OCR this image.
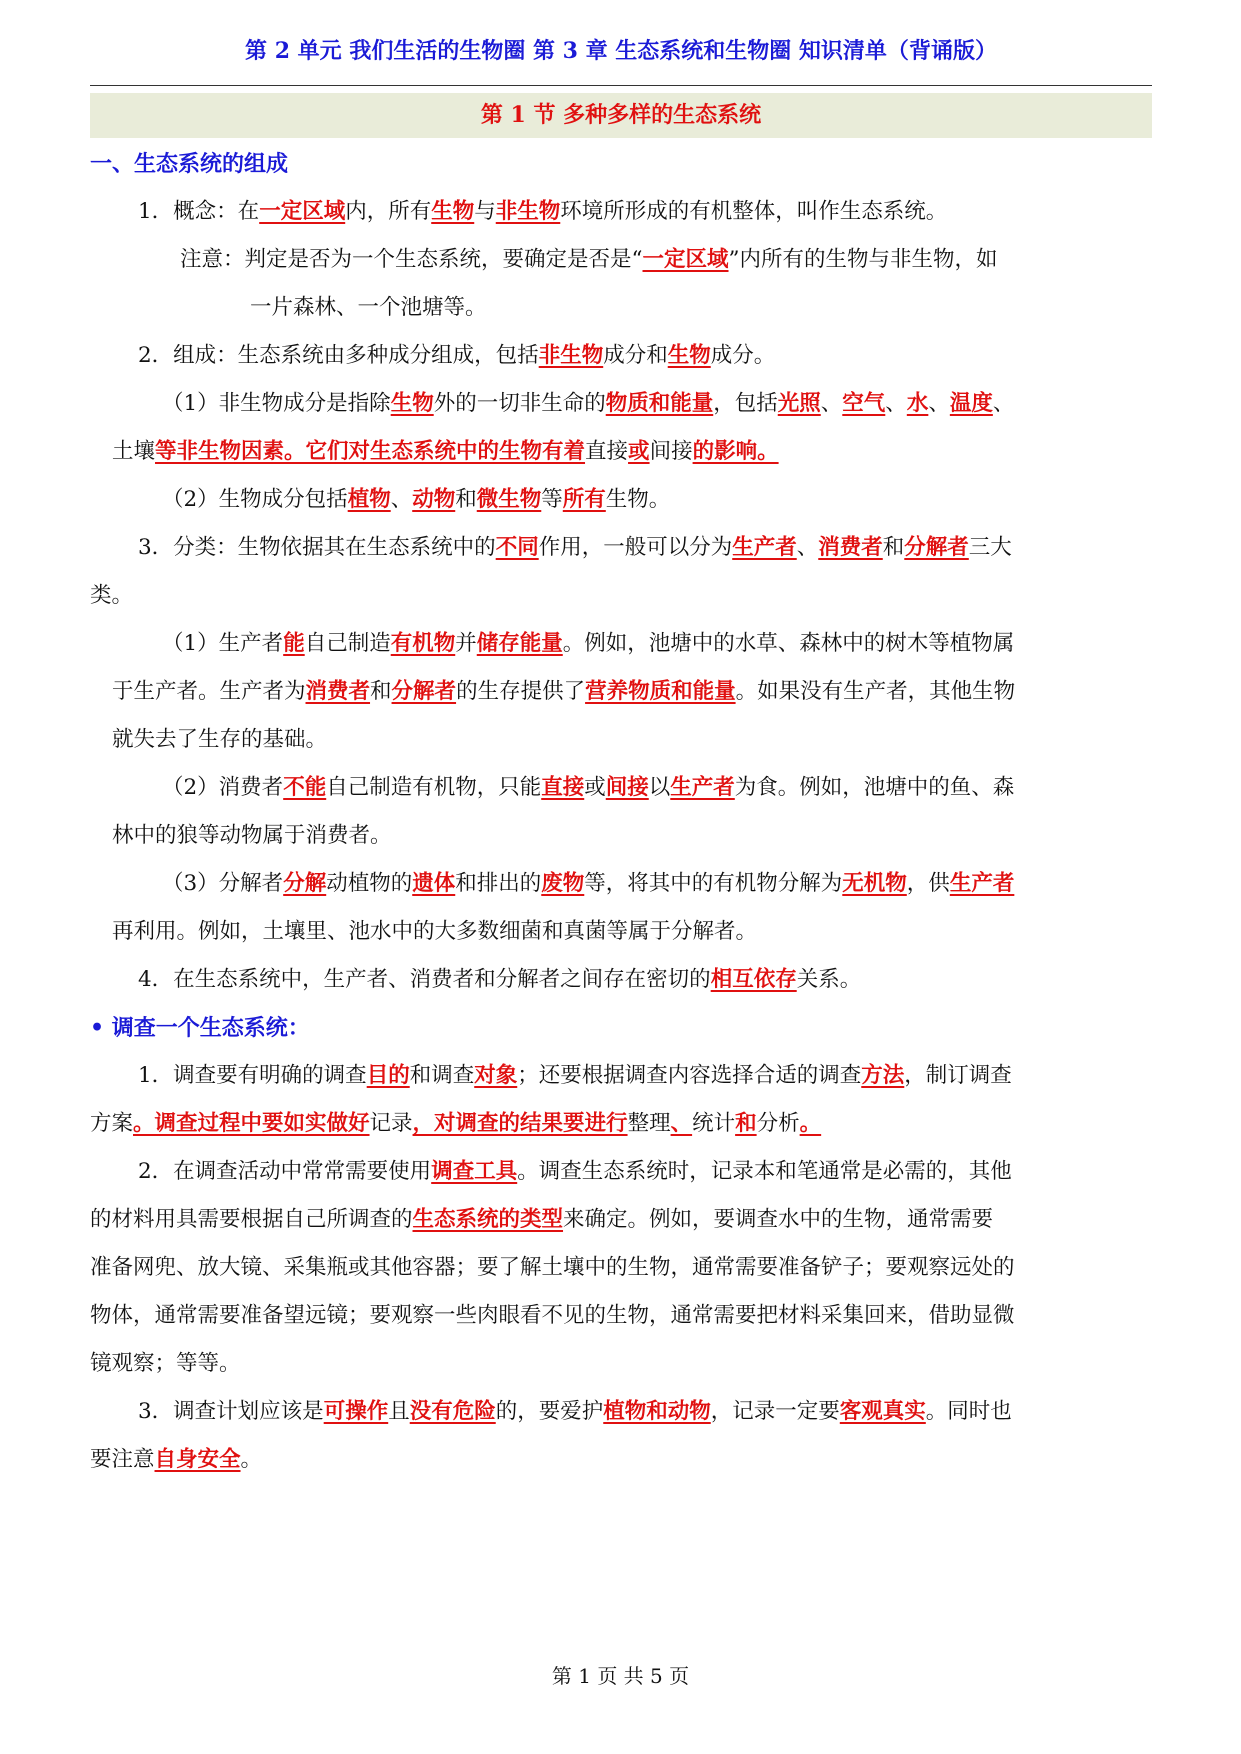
第 2 单元 我们生活的生物圈 第 3 章 生态系统和生物圈 知识清单（背诵版）
第 1 节 多种多样的生态系统
一、生态系统的组成
1．概念：在一定区域内，所有生物与非生物环境所形成的有机整体，叫作生态系统。
注意：判定是否为一个生态系统，要确定是否是“一定区域”内所有的生物与非生物，如
一片森林、一个池塘等。
2．组成：生态系统由多种成分组成，包括非生物成分和生物成分。
（1）非生物成分是指除生物外的一切非生命的物质和能量，包括光照、空气、水、温度、
土壤等非生物因素。它们对生态系统中的生物有着直接或间接的影响。
（2）生物成分包括植物、动物和微生物等所有生物。
3．分类：生物依据其在生态系统中的不同作用，一般可以分为生产者、消费者和分解者三大
类。
（1）生产者能自己制造有机物并储存能量。例如，池塘中的水草、森林中的树木等植物属
于生产者。生产者为消费者和分解者的生存提供了营养物质和能量。如果没有生产者，其他生物
就失去了生存的基础。
（2）消费者不能自己制造有机物，只能直接或间接以生产者为食。例如，池塘中的鱼、森
林中的狼等动物属于消费者。
（3）分解者分解动植物的遗体和排出的废物等，将其中的有机物分解为无机物，供生产者
再利用。例如，土壤里、池水中的大多数细菌和真菌等属于分解者。
4．在生态系统中，生产者、消费者和分解者之间存在密切的相互依存关系。
• 调查一个生态系统：
1．调查要有明确的调查目的和调查对象；还要根据调查内容选择合适的调查方法，制订调查
方案。调查过程中要如实做好记录，对调查的结果要进行整理、统计和分析。
2．在调查活动中常常需要使用调查工具。调查生态系统时，记录本和笔通常是必需的，其他
的材料用具需要根据自己所调查的生态系统的类型来确定。例如，要调查水中的生物，通常需要
准备网兜、放大镜、采集瓶或其他容器；要了解土壤中的生物，通常需要准备铲子；要观察远处的
物体，通常需要准备望远镜；要观察一些肉眼看不见的生物，通常需要把材料采集回来，借助显微
镜观察；等等。
3．调查计划应该是可操作且没有危险的，要爱护植物和动物，记录一定要客观真实。同时也
要注意自身安全。
第 1 页 共 5 页
